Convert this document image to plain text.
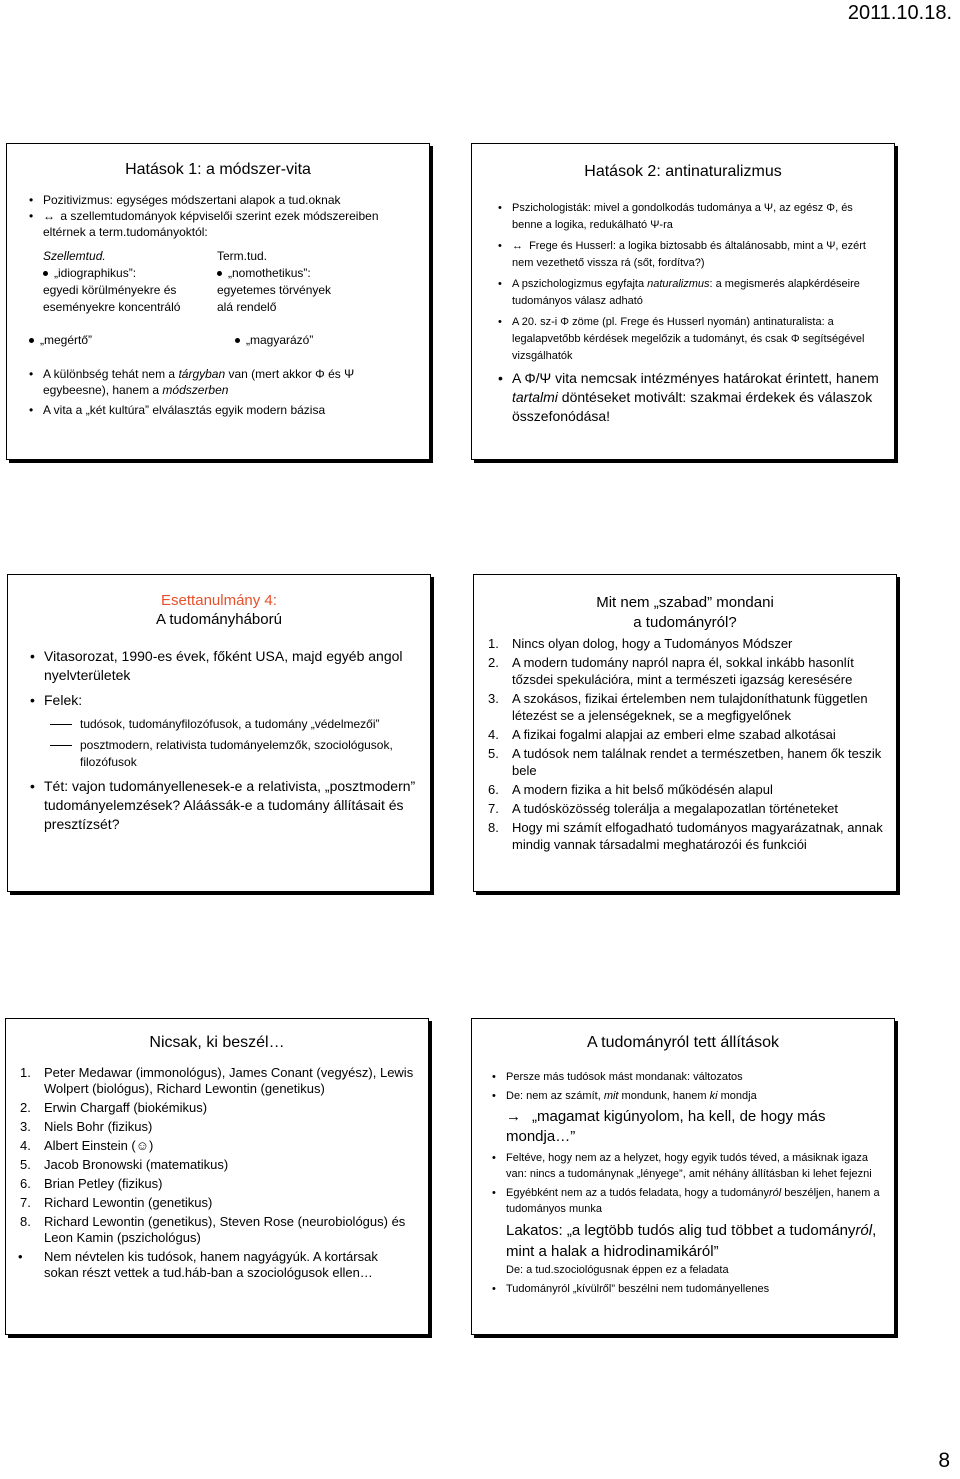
2011.10.18.
Hatások 1: a módszer-vita
• Pozitivizmus: egységes módszertani alapok a tud.oknak
• ↔ a szellemtudományok képviselői szerint ezek módszereiben eltérnek a term.tudományoktól:
Szellemtud.
„idiographikus”:
egyedi körülményekre és
eseményekre koncentráló
Term.tud.
„nomothetikus”:
egyetemes törvények
alá rendelő
„megértő”	„magyarázó”
• A különbség tehát nem a tárgyban van (mert akkor Φ és Ψ egybeesne), hanem a módszerben
• A vita a „két kultúra” elválasztás egyik modern bázisa
Hatások 2: antinaturalizmus
• Pszichologisták: mivel a gondolkodás tudománya a Ψ, az egész Φ, és benne a logika, redukálható Ψ-ra
• ↔ Frege és Husserl: a logika biztosabb és általánosabb, mint a Ψ, ezért nem vezethető vissza rá (sőt, fordítva?)
• A pszichologizmus egyfajta naturalizmus: a megismerés alapkérdéseire tudományos válasz adható
• A 20. sz-i Φ zöme (pl. Frege és Husserl nyomán) antinaturalista: a legalapvetőbb kérdések megelőzik a tudományt, és csak Φ segítségével vizsgálhatók
• A Φ/Ψ vita nemcsak intézményes határokat érintett, hanem tartalmi döntéseket motivált: szakmai érdekek és válaszok összefonódása!
Esettanulmány 4:
A tudományháború
• Vitasorozat, 1990-es évek, főként USA, majd egyéb angol nyelvterületek
• Felek:
tudósok, tudományfilozófusok, a tudomány „védelmezői”
posztmodern, relativista tudományelemzők, szociológusok, filozófusok
• Tét: vajon tudományellenesek-e a relativista, „posztmodern” tudományelemzések? Aláássák-e a tudomány állításait és presztízsét?
Mit nem „szabad” mondani
a tudományról?
1. Nincs olyan dolog, hogy a Tudományos Módszer
2. A modern tudomány napról napra él, sokkal inkább hasonlít tőzsdei spekulációra, mint a természeti igazság keresésére
3. A szokásos, fizikai értelemben nem tulajdoníthatunk független létezést se a jelenségeknek, se a megfigyelőnek
4. A fizikai fogalmi alapjai az emberi elme szabad alkotásai
5. A tudósok nem találnak rendet a természetben, hanem ők teszik bele
6. A modern fizika a hit belső működésén alapul
7. A tudósközösség tolerálja a megalapozatlan történeteket
8. Hogy mi számít elfogadható tudományos magyarázatnak, annak mindig vannak társadalmi meghatározói és funkciói
Nicsak, ki beszél…
1. Peter Medawar (immonológus), James Conant (vegyész), Lewis Wolpert (biológus), Richard Lewontin (genetikus)
2. Erwin Chargaff (biokémikus)
3. Niels Bohr (fizikus)
4. Albert Einstein (☺)
5. Jacob Bronowski (matematikus)
6. Brian Petley (fizikus)
7. Richard Lewontin (genetikus)
8. Richard Lewontin (genetikus), Steven Rose (neurobiológus) és Leon Kamin (pszichológus)
• Nem névtelen kis tudósok, hanem nagyágyúk. A kortársak sokan részt vettek a tud.háb-ban a szociológusok ellen…
A tudományról tett állítások
• Persze más tudósok mást mondanak: változatos
• De: nem az számít, mit mondunk, hanem ki mondja
→ „magamat kigúnyolom, ha kell, de hogy más mondja…”
• Feltéve, hogy nem az a helyzet, hogy egyik tudós téved, a másiknak igaza van: nincs a tudománynak „lényege”, amit néhány állításban ki lehet fejezni
• Egyébként nem az a tudós feladata, hogy a tudományról beszéljen, hanem a tudományos munka
Lakatos: „a legtöbb tudós alig tud többet a tudományról, mint a halak a hidrodinamikáról”
De: a tud.szociológusnak éppen ez a feladata
• Tudományról „kívülről” beszélni nem tudományellenes
8
